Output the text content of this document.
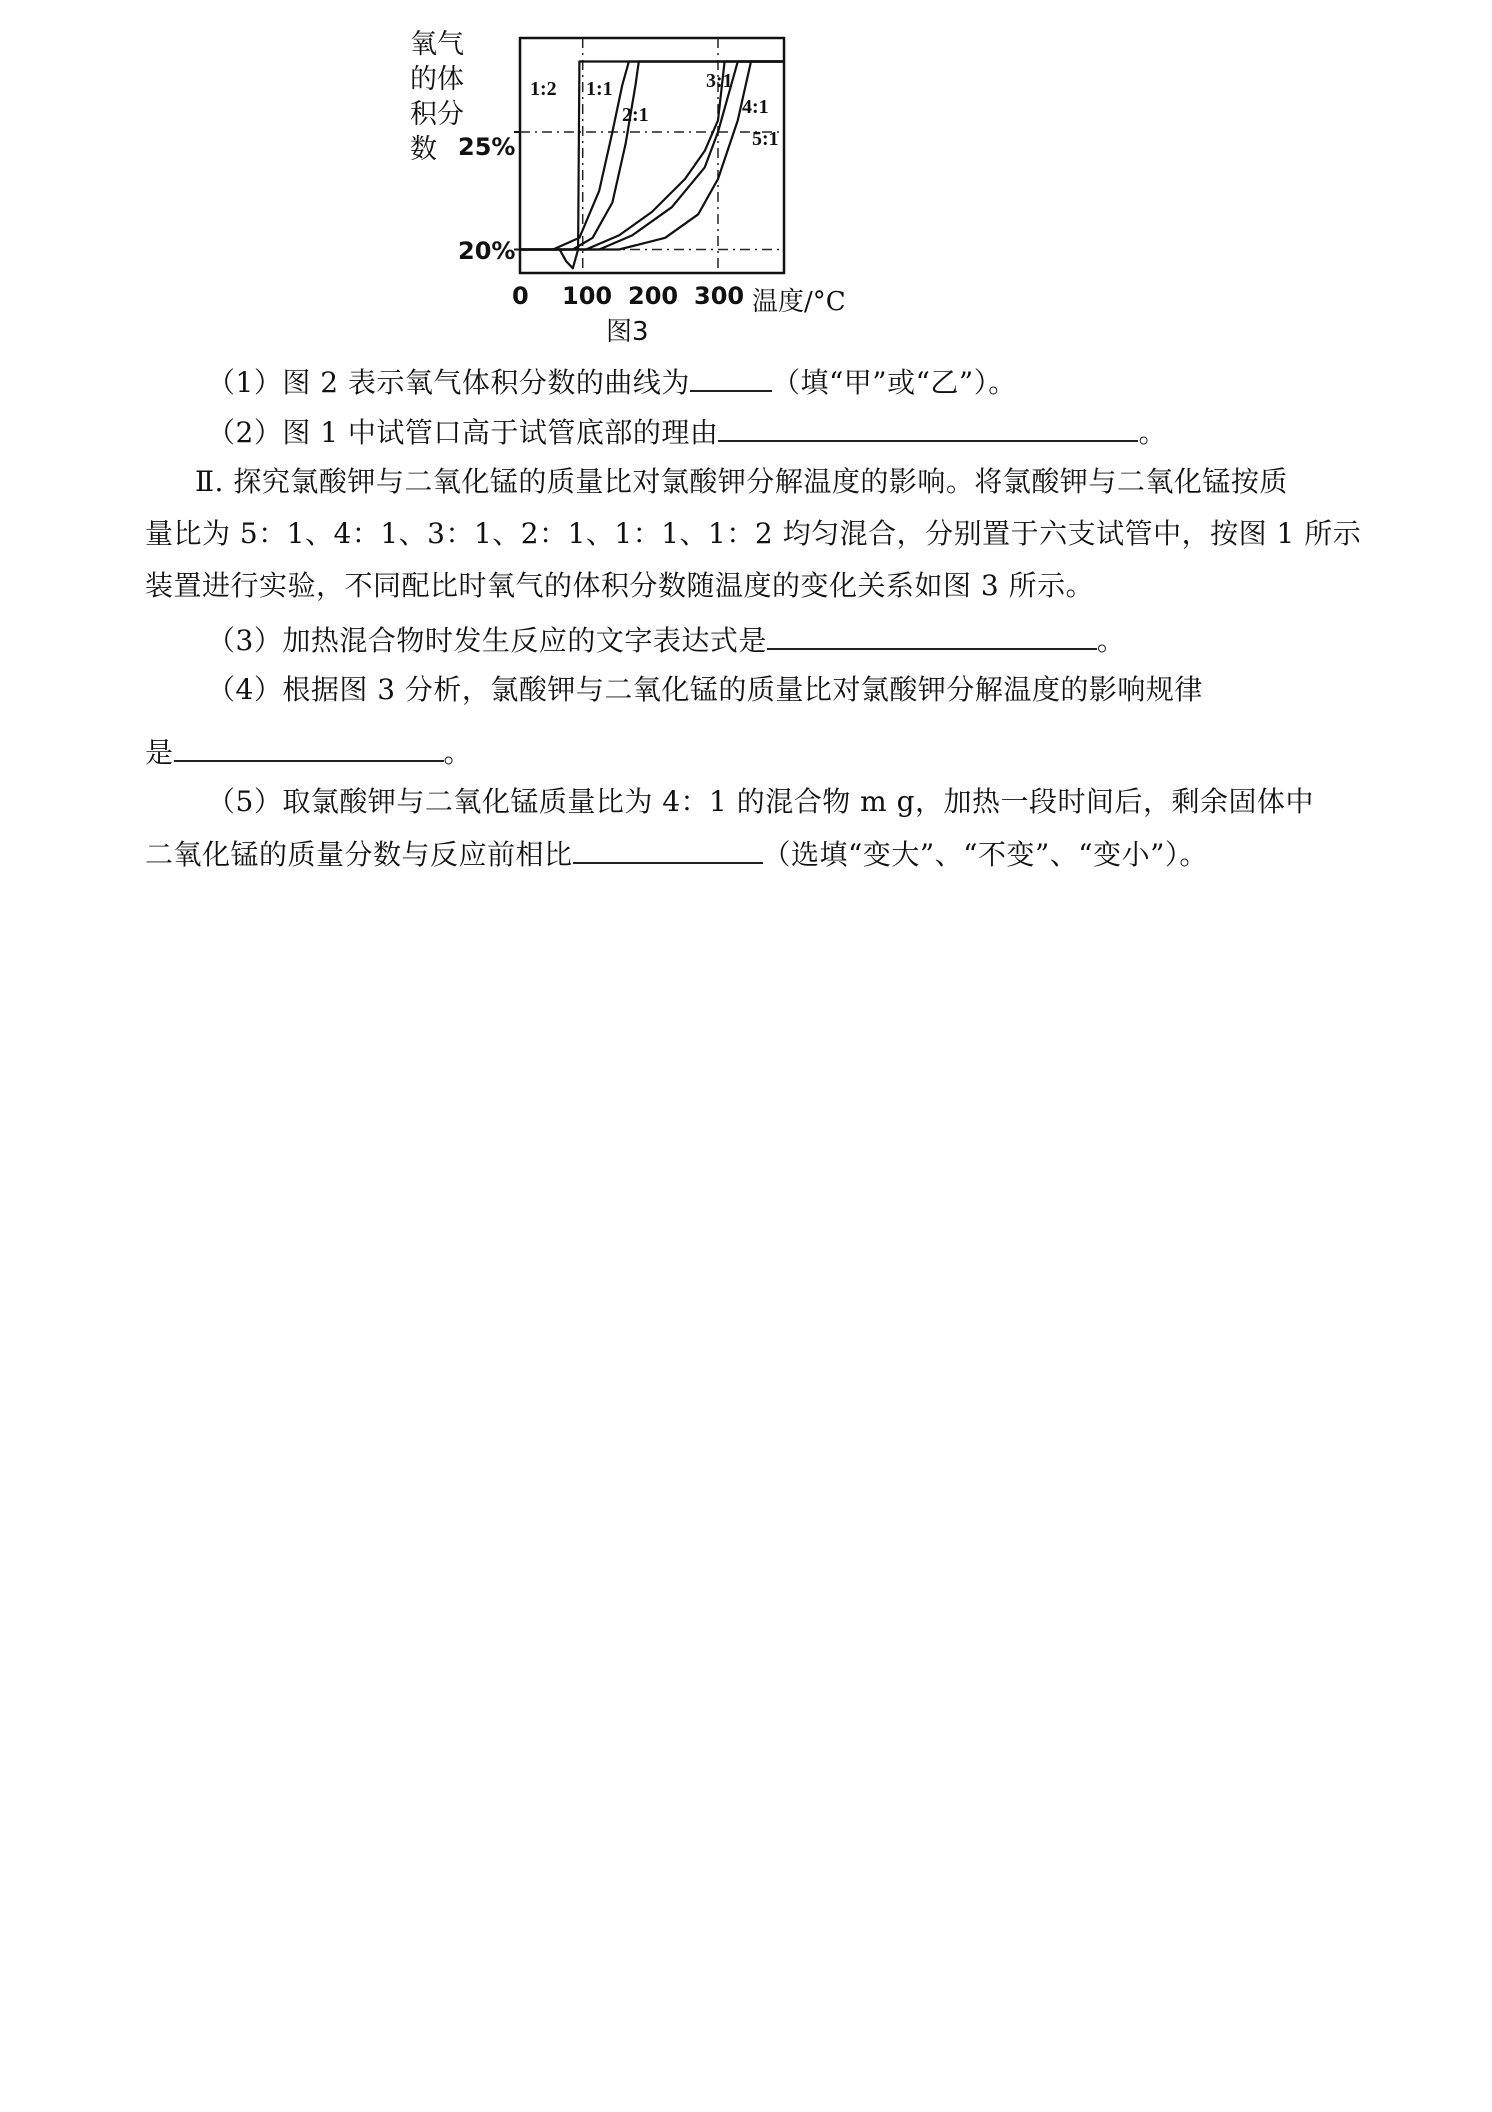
氧气
的体
积分
数 25%
20%
0 100 200 300 温度/°C
图3
1:2 1:1
2:1
3:1
4:1
5:1
（1）图 2 表示氧气体积分数的曲线为	（填“甲”或“乙”）。
（2）图 1 中试管口高于试管底部的理由	。
Ⅱ. 探究氯酸钾与二氧化锰的质量比对氯酸钾分解温度的影响。将氯酸钾与二氧化锰按质
量比为 5：1、4：1、3：1、2：1、1：1、1：2 均匀混合，分别置于六支试管中，按图 1 所示
装置进行实验，不同配比时氧气的体积分数随温度的变化关系如图 3 所示。
（3）加热混合物时发生反应的文字表达式是	。
（4）根据图 3 分析，氯酸钾与二氧化锰的质量比对氯酸钾分解温度的影响规律
是	。
（5）取氯酸钾与二氧化锰质量比为 4：1 的混合物 m g，加热一段时间后，剩余固体中
二氧化锰的质量分数与反应前相比	（选填“变大”、“不变”、“变小”）。
